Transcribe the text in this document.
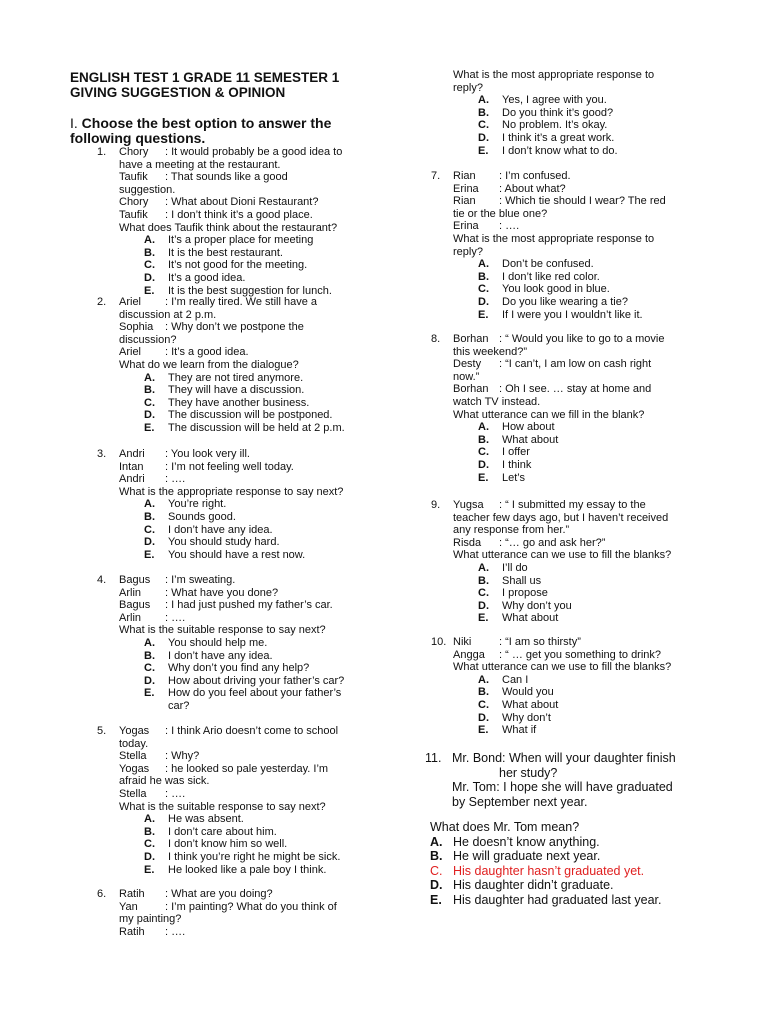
ENGLISH TEST 1 GRADE 11 SEMESTER 1
GIVING SUGGESTION & OPINION
I. Choose the best option to answer the
following questions.
1. Chory : It would probably be a good idea to
have a meeting at the restaurant.
Taufik : That sounds like a good
suggestion.
Chory : What about Dioni Restaurant?
Taufik : I don’t think it’s a good place.
What does Taufik think about the restaurant?
A. It’s a proper place for meeting
B. It is the best restaurant.
C. It’s not good for the meeting.
D. It’s a good idea.
E. It is the best suggestion for lunch.
2. Ariel : I’m really tired. We still have a
discussion at 2 p.m.
Sophia : Why don’t we postpone the
discussion?
Ariel : It’s a good idea.
What do we learn from the dialogue?
A. They are not tired anymore.
B. They will have a discussion.
C. They have another business.
D. The discussion will be postponed.
E. The discussion will be held at 2 p.m.
3. Andri : You look very ill.
Intan : I’m not feeling well today.
Andri : ….
What is the appropriate response to say next?
A. You’re right.
B. Sounds good.
C. I don’t have any idea.
D. You should study hard.
E. You should have a rest now.
4. Bagus : I’m sweating.
Arlin : What have you done?
Bagus : I had just pushed my father’s car.
Arlin : ….
What is the suitable response to say next?
A. You should help me.
B. I don’t have any idea.
C. Why don’t you find any help?
D. How about driving your father’s car?
E. How do you feel about your father’s
car?
5. Yogas : I think Ario doesn’t come to school
today.
Stella : Why?
Yogas : he looked so pale yesterday. I’m
afraid he was sick.
Stella : ….
What is the suitable response to say next?
A. He was absent.
B. I don’t care about him.
C. I don’t know him so well.
D. I think you’re right he might be sick.
E. He looked like a pale boy I think.
6. Ratih : What are you doing?
Yan : I’m painting? What do you think of
my painting?
Ratih : ….
What is the most appropriate response to
reply?
A. Yes, I agree with you.
B. Do you think it’s good?
C. No problem. It’s okay.
D. I think it’s a great work.
E. I don’t know what to do.
7. Rian : I’m confused.
Erina : About what?
Rian : Which tie should I wear? The red
tie or the blue one?
Erina : ….
What is the most appropriate response to
reply?
A. Don’t be confused.
B. I don’t like red color.
C. You look good in blue.
D. Do you like wearing a tie?
E. If I were you I wouldn’t like it.
8. Borhan : “ Would you like to go to a movie
this weekend?”
Desty : “I can’t, I am low on cash right
now.”
Borhan : Oh I see. … stay at home and
watch TV instead.
What utterance can we fill in the blank?
A. How about
B. What about
C. I offer
D. I think
E. Let’s
9. Yugsa : “ I submitted my essay to the
teacher few days ago, but I haven’t received
any response from her.”
Risda : “… go and ask her?”
What utterance can we use to fill the blanks?
A. I’ll do
B. Shall us
C. I propose
D. Why don’t you
E. What about
10. Niki	: “I am so thirsty”
Angga : “ … get you something to drink?
What utterance can we use to fill the blanks?
A. Can I
B. Would you
C. What about
D. Why don’t
E. What if
11. Mr. Bond: When will your daughter finish
her study?
Mr. Tom: I hope she will have graduated
by September next year.
What does Mr. Tom mean?
A. He doesn’t know anything.
B. He will graduate next year.
C. His daughter hasn’t graduated yet.
D. His daughter didn’t graduate.
E. His daughter had graduated last year.
